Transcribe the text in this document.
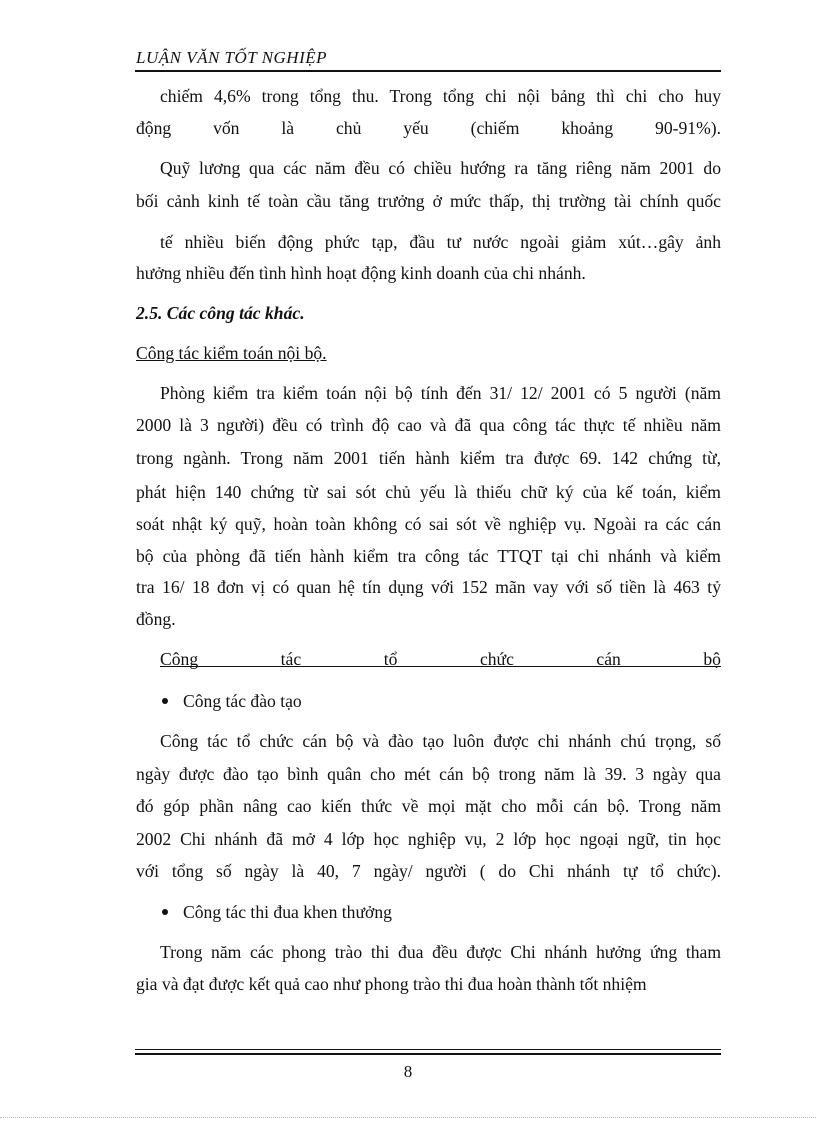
LUẬN VĂN TỐT NGHIỆP
chiếm 4,6% trong tổng thu. Trong tổng chi nội bảng thì chi cho huy
động vốn là chủ yếu (chiếm khoảng 90-91%).
Quỹ lương qua các năm đều có chiều hướng ra tăng riêng năm 2001 do
bối cảnh kinh tế toàn cầu tăng trưởng ở mức thấp, thị trường tài chính quốc
tế nhiều biến động phức tạp, đầu tư nước ngoài giảm xút…gây ảnh
hưởng nhiều đến tình hình hoạt động kinh doanh của chi nhánh.
2.5. Các công tác khác.
Công tác kiểm toán nội bộ.
Phòng kiểm tra kiểm toán nội bộ tính đến 31/ 12/ 2001 có 5 người (năm
2000 là 3 người) đều có trình độ cao và đã qua công tác thực tế nhiều năm
trong ngành. Trong năm 2001 tiến hành kiểm tra được 69. 142 chứng từ,
phát hiện 140 chứng từ sai sót chủ yếu là thiếu chữ ký của kế toán, kiểm
soát nhật ký quỹ, hoàn toàn không có sai sót về nghiệp vụ. Ngoài ra các cán
bộ của phòng đã tiến hành kiểm tra công tác TTQT tại chi nhánh và kiểm
tra 16/ 18 đơn vị có quan hệ tín dụng với 152 mãn vay với số tiền là 463 tỷ
đồng.
Công	tác	tổ	chức	cán	bộ
Công tác đào tạo
Công tác tổ chức cán bộ và đào tạo luôn được chi nhánh chú trọng, số
ngày được đào tạo bình quân cho mét cán bộ trong năm là 39. 3 ngày qua
đó góp phần nâng cao kiến thức về mọi mặt cho mỗi cán bộ. Trong năm
2002 Chi nhánh đã mở 4 lớp học nghiệp vụ, 2 lớp học ngoại ngữ, tin học
với tổng số ngày là 40, 7 ngày/ người ( do Chi nhánh tự tổ chức).
Công tác thi đua khen thưởng
Trong năm các phong trào thi đua đều được Chi nhánh hưởng ứng tham
gia và đạt được kết quả cao như phong trào thi đua hoàn thành tốt nhiệm
8
